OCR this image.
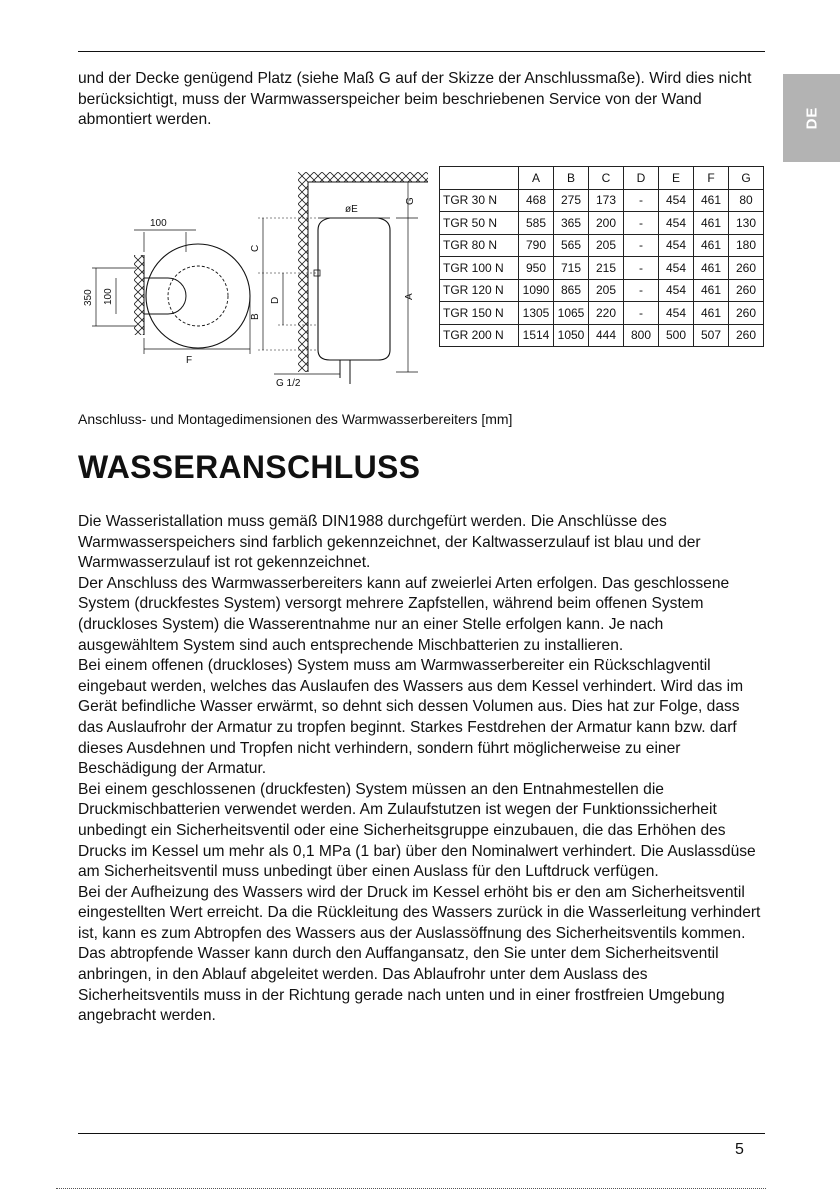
DE

und der Decke genügend Platz (siehe Maß G auf der Skizze der Anschlussmaße). Wird dies nicht berücksichtigt, muss der Warmwasserspeicher beim beschriebenen Service von der Wand abmontiert werden.

100
350 100
F
øE
G
A
C
B
D
G 1/2
	A	B	C	D	E	F	G
TGR 30 N	468	275	173	-	454	461	80
TGR 50 N	585	365	200	-	454	461	130
TGR 80 N	790	565	205	-	454	461	180
TGR 100 N	950	715	215	-	454	461	260
TGR 120 N	1090	865	205	-	454	461	260
TGR 150 N	1305	1065	220	-	454	461	260
TGR 200 N	1514	1050	444	800	500	507	260
Anschluss- und Montagedimensionen des Warmwasserbereiters [mm]
WASSERANSCHLUSS

Die Wasseristallation muss gemäß DIN1988 durchgefürt werden. Die Anschlüsse des Warmwasserspeichers sind farblich gekennzeichnet, der Kaltwasserzulauf ist blau und der Warmwasserzulauf ist rot gekennzeichnet.
Der Anschluss des Warmwasserbereiters kann auf zweierlei Arten erfolgen. Das geschlossene System (druckfestes System) versorgt mehrere Zapfstellen, während beim offenen System (druckloses System) die Wasserentnahme nur an einer Stelle erfolgen kann. Je nach ausgewähltem System sind auch entsprechende Mischbatterien zu installieren.
Bei einem offenen (druckloses) System muss am Warmwasserbereiter ein Rückschlagventil eingebaut werden, welches das Auslaufen des Wassers aus dem Kessel verhindert. Wird das im Gerät befindliche Wasser erwärmt, so dehnt sich dessen Volumen aus. Dies hat zur Folge, dass das Auslaufrohr der Armatur zu tropfen beginnt. Starkes Festdrehen der Armatur kann bzw. darf dieses Ausdehnen und Tropfen nicht verhindern, sondern führt möglicherweise zu einer Beschädigung der Armatur.
Bei einem geschlossenen (druckfesten) System müssen an den Entnahmestellen die Druckmischbatterien verwendet werden. Am Zulaufstutzen ist wegen der Funktionssicherheit unbedingt ein Sicherheitsventil oder eine Sicherheitsgruppe einzubauen, die das Erhöhen des Drucks im Kessel um mehr als 0,1 MPa (1 bar) über den Nominalwert verhindert. Die Auslassdüse am Sicherheitsventil muss unbedingt über einen Auslass für den Luftdruck verfügen.
Bei der Aufheizung des Wassers wird der Druck im Kessel erhöht bis er den am Sicherheitsventil eingestellten Wert erreicht. Da die Rückleitung des Wassers zurück in die Wasserleitung verhindert ist, kann es zum Abtropfen des Wassers aus der Auslassöffnung des Sicherheitsventils kommen. Das abtropfende Wasser kann durch den Auffangansatz, den Sie unter dem Sicherheitsventil anbringen, in den Ablauf abgeleitet werden. Das Ablaufrohr unter dem Auslass des Sicherheitsventils muss in der Richtung gerade nach unten und in einer frostfreien Umgebung angebracht werden.

5
